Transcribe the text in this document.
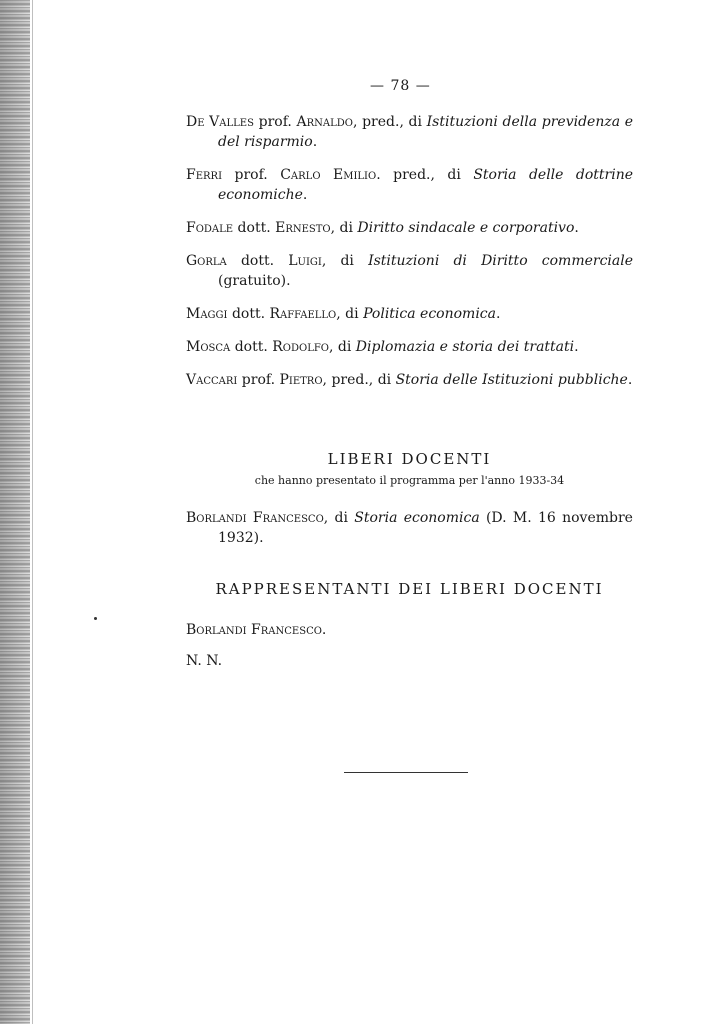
— 78 —

De Valles prof. Arnaldo, pred., di Istituzioni della previdenza e del risparmio.

Ferri prof. Carlo Emilio. pred., di Storia delle dottrine economiche.

Fodale dott. Ernesto, di Diritto sindacale e corporativo.

Gorla dott. Luigi, di Istituzioni di Diritto commerciale (gratuito).

Maggi dott. Raffaello, di Politica economica.

Mosca dott. Rodolfo, di Diplomazia e storia dei trattati.

Vaccari prof. Pietro, pred., di Storia delle Istituzioni pubbliche.

LIBERI DOCENTI
che hanno presentato il programma per l'anno 1933-34

Borlandi Francesco, di Storia economica (D. M. 16 novembre 1932).

RAPPRESENTANTI DEI LIBERI DOCENTI
Borlandi Francesco.
N. N.
